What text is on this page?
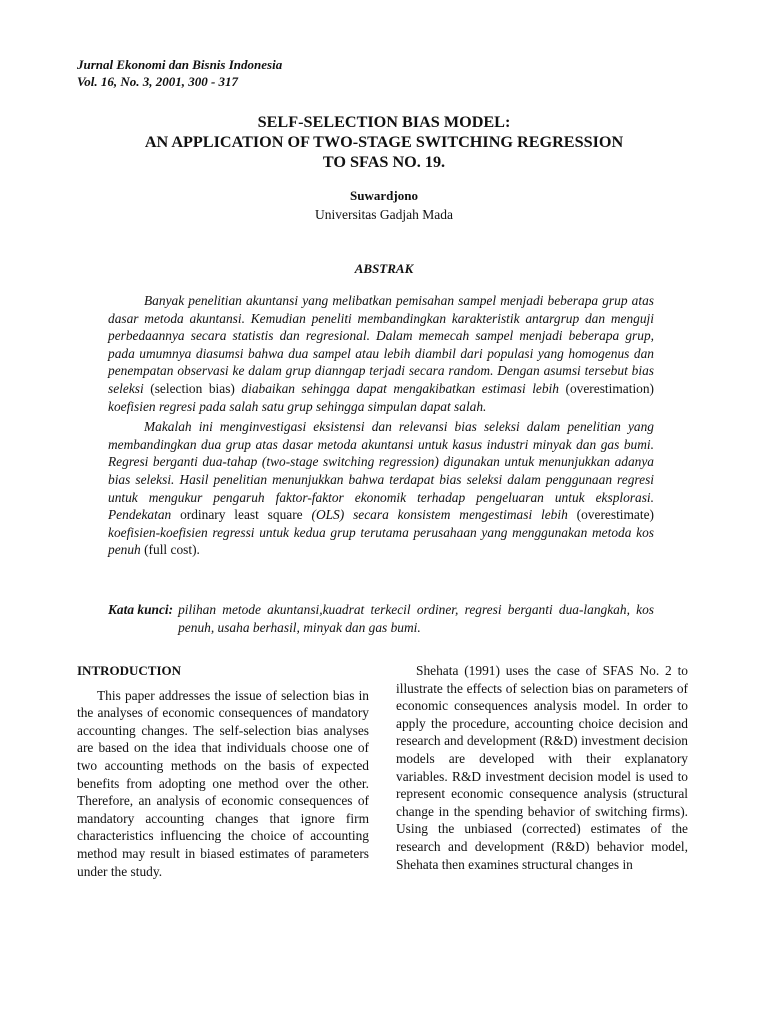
Jurnal Ekonomi dan Bisnis Indonesia
Vol. 16, No. 3, 2001, 300 - 317
SELF-SELECTION BIAS MODEL:
AN APPLICATION OF TWO-STAGE SWITCHING REGRESSION
TO SFAS NO. 19.
Suwardjono
Universitas Gadjah Mada
ABSTRAK

Banyak penelitian akuntansi yang melibatkan pemisahan sampel menjadi beberapa grup atas dasar metoda akuntansi. Kemudian peneliti membandingkan karakteristik antargrup dan menguji perbedaannya secara statistis dan regresional. Dalam memecah sampel menjadi beberapa grup, pada umumnya diasumsi bahwa dua sampel atau lebih diambil dari populasi yang homogenus dan penempatan observasi ke dalam grup dianngap terjadi secara random. Dengan asumsi tersebut bias seleksi (selection bias) diabaikan sehingga dapat mengakibatkan estimasi lebih (overestimation) koefisien regresi pada salah satu grup sehingga simpulan dapat salah.

Makalah ini menginvestigasi eksistensi dan relevansi bias seleksi dalam penelitian yang membandingkan dua grup atas dasar metoda akuntansi untuk kasus industri minyak dan gas bumi. Regresi berganti dua-tahap (two-stage switching regression) digunakan untuk menunjukkan adanya bias seleksi. Hasil penelitian menunjukkan bahwa terdapat bias seleksi dalam penggunaan regresi untuk mengukur pengaruh faktor-faktor ekonomik terhadap pengeluaran untuk eksplorasi. Pendekatan ordinary least square (OLS) secara konsistem mengestimasi lebih (overestimate) koefisien-koefisien regressi untuk kedua grup terutama perusahaan yang menggunakan metoda kos penuh (full cost).

Kata kunci: pilihan metode akuntansi,kuadrat terkecil ordiner, regresi berganti dua-langkah, kos penuh, usaha berhasil, minyak dan gas bumi.
INTRODUCTION

This paper addresses the issue of selection bias in the analyses of economic consequences of mandatory accounting changes. The self-selection bias analyses are based on the idea that individuals choose one of two accounting methods on the basis of expected benefits from adopting one method over the other. Therefore, an analysis of economic consequences of mandatory accounting changes that ignore firm characteristics influencing the choice of accounting method may result in biased estimates of parameters under the study.

Shehata (1991) uses the case of SFAS No. 2 to illustrate the effects of selection bias on parameters of economic consequences analysis model. In order to apply the procedure, accounting choice decision and research and development (R&D) investment decision models are developed with their explanatory variables. R&D investment decision model is used to represent economic consequence analysis (structural change in the spending behavior of switching firms). Using the unbiased (corrected) estimates of the research and development (R&D) behavior model, Shehata then examines structural changes in
